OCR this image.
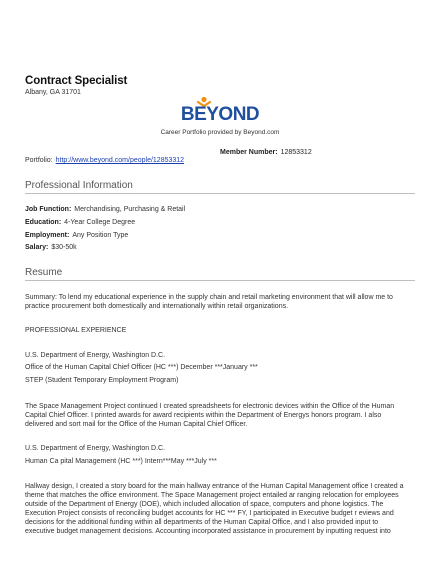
Contract Specialist
Albany, GA 31701
BEYOND
Career Portfolio provided by Beyond.com
Member Number: 12853312
Portfolio: http://www.beyond.com/people/12853312
Professional Information
Job Function: Merchandising, Purchasing & Retail
Education: 4-Year College Degree
Employment: Any Position Type
Salary: $30-50k
Resume
Summary: To lend my educational experience in the supply chain and retail marketing environment that will allow me to
practice procurement both domestically and internationally within retail organizations.
PROFESSIONAL EXPERIENCE
U.S. Department of Energy, Washington D.C.
Office of the Human Capital Chief Officer (HC ***) December ***January ***
STEP (Student Temporary Employment Program)
The Space Management Project continued I created spreadsheets for electronic devices within the Office of the Human
Capital Chief Officer. I printed awards for award recipients within the Department of Energys honors program. I also
delivered and sort mail for the Office of the Human Capital Chief Officer.
U.S. Department of Energy, Washington D.C.
Human Ca pital Management (HC ***) Intern***May ***July ***
Hallway design, I created a story board for the main hallway entrance of the Human Capital Management office I created a
theme that matches the office environment. The Space Management project entailed ar ranging relocation for employees
outside of the Department of Energy (DOE), which included allocation of space, computers and phone logistics. The
Execution Project consists of reconciling budget accounts for HC *** FY, I participated in Executive budget r eviews and
decisions for the additional funding within all departments of the Human Capital Office, and I also provided input to
executive budget management decisions. Accounting incorporated assistance in procurement by inputting request into
